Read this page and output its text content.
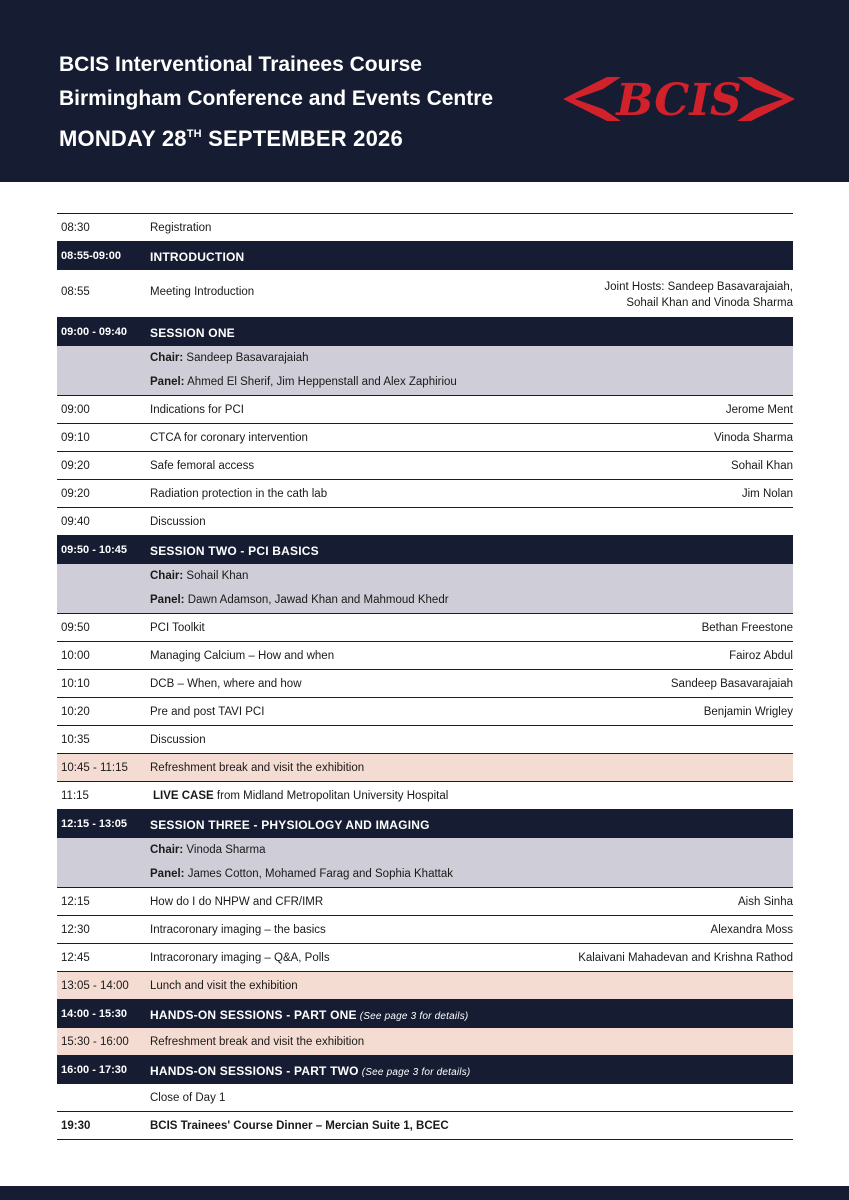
BCIS Interventional Trainees Course
Birmingham Conference and Events Centre
MONDAY 28TH SEPTEMBER 2026
BCIS
08:30	Registration
08:55-09:00 INTRODUCTION
08:55	Meeting Introduction	Joint Hosts: Sandeep Basavarajaiah,
Sohail Khan and Vinoda Sharma
09:00 - 09:40 SESSION ONE
Chair: Sandeep Basavarajaiah
Panel: Ahmed El Sherif, Jim Heppenstall and Alex Zaphiriou
09:00	Indications for PCI	Jerome Ment
09:10	CTCA for coronary intervention	Vinoda Sharma
09:20	Safe femoral access	Sohail Khan
09:20	Radiation protection in the cath lab	Jim Nolan
09:40	Discussion
09:50 - 10:45 SESSION TWO - PCI BASICS
Chair: Sohail Khan
Panel: Dawn Adamson, Jawad Khan and Mahmoud Khedr
09:50	PCI Toolkit	Bethan Freestone
10:00	Managing Calcium – How and when	Fairoz Abdul
10:10	DCB – When, where and how	Sandeep Basavarajaiah
10:20	Pre and post TAVI PCI	Benjamin Wrigley
10:35	Discussion
10:45 - 11:15 Refreshment break and visit the exhibition
11:15	LIVE CASE from Midland Metropolitan University Hospital
12:15 - 13:05 SESSION THREE - PHYSIOLOGY AND IMAGING
Chair: Vinoda Sharma
Panel: James Cotton, Mohamed Farag and Sophia Khattak
12:15	How do I do NHPW and CFR/IMR	Aish Sinha
12:30	Intracoronary imaging – the basics	Alexandra Moss
12:45	Intracoronary imaging – Q&A, Polls	Kalaivani Mahadevan and Krishna Rathod
13:05 - 14:00 Lunch and visit the exhibition
14:00 - 15:30 HANDS-ON SESSIONS - PART ONE (See page 3 for details)
15:30 - 16:00 Refreshment break and visit the exhibition
16:00 - 17:30 HANDS-ON SESSIONS - PART TWO (See page 3 for details)
Close of Day 1
19:30	BCIS Trainees' Course Dinner – Mercian Suite 1, BCEC
